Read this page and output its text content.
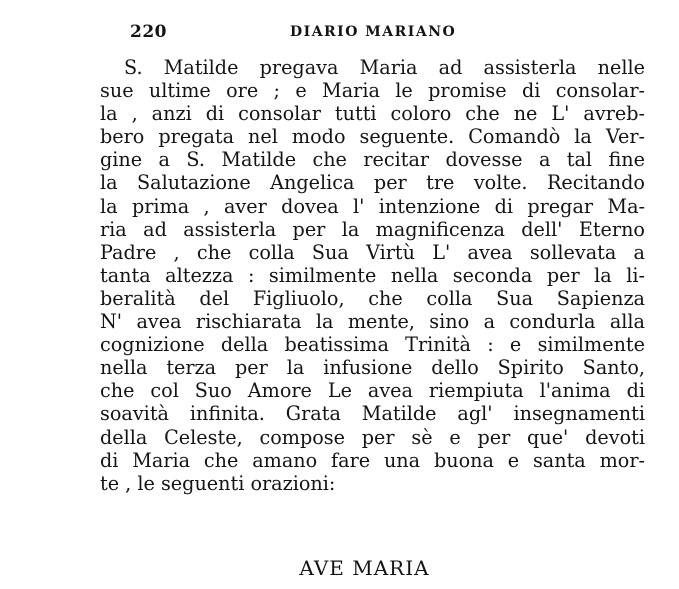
220	DIARIO MARIANO
S. Matilde pregava Maria ad assisterla nelle
sue ultime ore ; e Maria le promise di consolar-
la , anzi di consolar tutti coloro che ne L' avreb-
bero pregata nel modo seguente. Comandò la Ver-
gine a S. Matilde che recitar dovesse a tal fine
la Salutazione Angelica per tre volte. Recitando
la prima , aver dovea l' intenzione di pregar Ma-
ria ad assisterla per la magnificenza dell' Eterno
Padre , che colla Sua Virtù L' avea sollevata a
tanta altezza : similmente nella seconda per la li-
beralità del Figliuolo, che colla Sua Sapienza
N' avea rischiarata la mente, sino a condurla alla
cognizione della beatissima Trinità : e similmente
nella terza per la infusione dello Spirito Santo,
che col Suo Amore Le avea riempiuta l'anima di
soavità infinita. Grata Matilde agl' insegnamenti
della Celeste, compose per sè e per que' devoti
di Maria che amano fare una buona e santa mor-
te , le seguenti orazioni:
AVE MARIA
